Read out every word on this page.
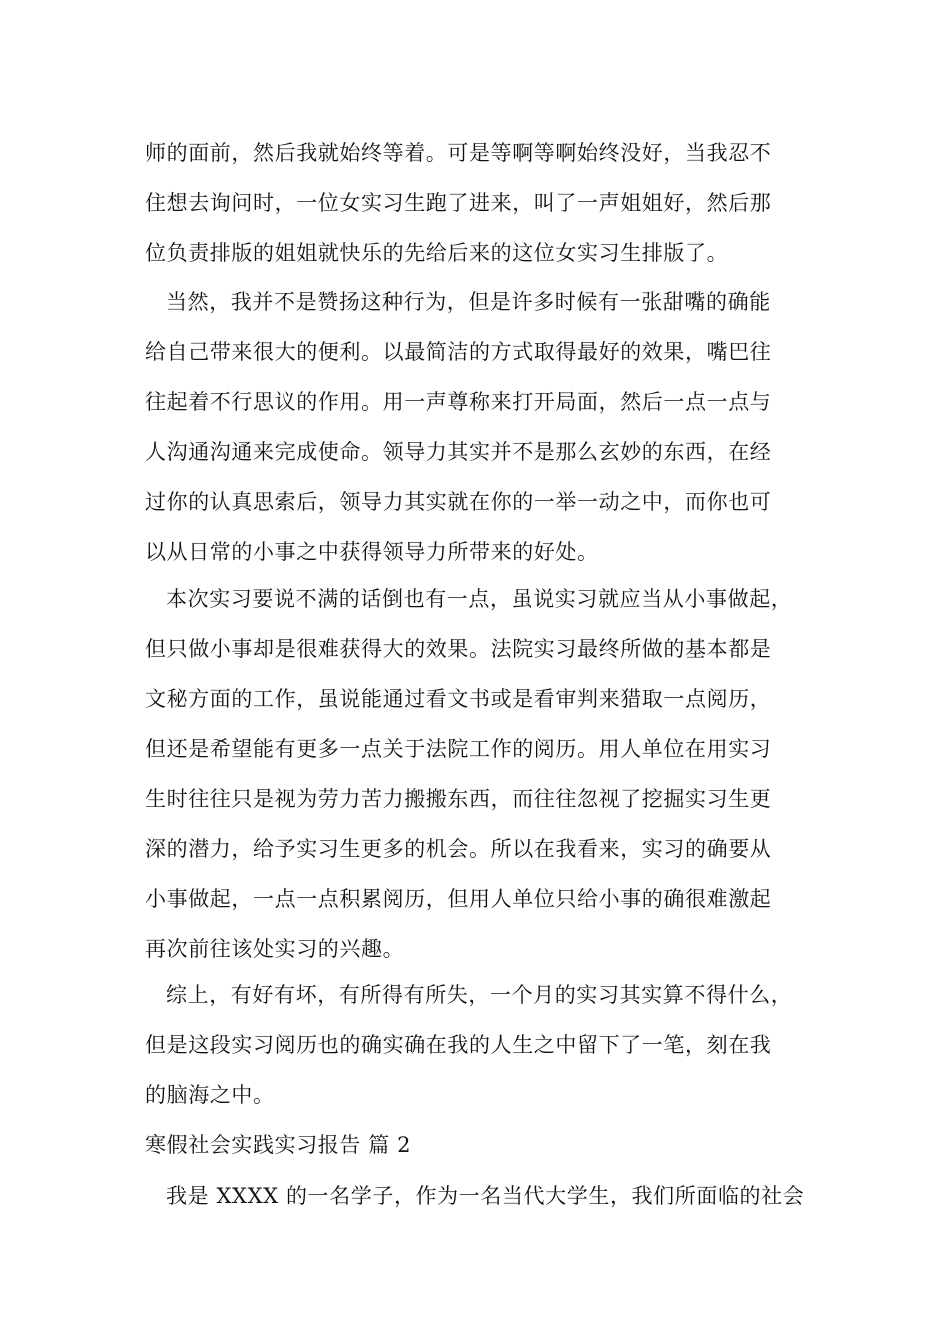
师的面前，然后我就始终等着。可是等啊等啊始终没好，当我忍不
住想去询问时，一位女实习生跑了进来，叫了一声姐姐好，然后那
位负责排版的姐姐就快乐的先给后来的这位女实习生排版了。
当然，我并不是赞扬这种行为，但是许多时候有一张甜嘴的确能
给自己带来很大的便利。以最简洁的方式取得最好的效果，嘴巴往
往起着不行思议的作用。用一声尊称来打开局面，然后一点一点与
人沟通沟通来完成使命。领导力其实并不是那么玄妙的东西，在经
过你的认真思索后，领导力其实就在你的一举一动之中，而你也可
以从日常的小事之中获得领导力所带来的好处。
本次实习要说不满的话倒也有一点，虽说实习就应当从小事做起，
但只做小事却是很难获得大的效果。法院实习最终所做的基本都是
文秘方面的工作，虽说能通过看文书或是看审判来猎取一点阅历，
但还是希望能有更多一点关于法院工作的阅历。用人单位在用实习
生时往往只是视为劳力苦力搬搬东西，而往往忽视了挖掘实习生更
深的潜力，给予实习生更多的机会。所以在我看来，实习的确要从
小事做起，一点一点积累阅历，但用人单位只给小事的确很难激起
再次前往该处实习的兴趣。
综上，有好有坏，有所得有所失，一个月的实习其实算不得什么，
但是这段实习阅历也的确实确在我的人生之中留下了一笔，刻在我
的脑海之中。
寒假社会实践实习报告 篇 2
我是 XXXX 的一名学子，作为一名当代大学生，我们所面临的社会
